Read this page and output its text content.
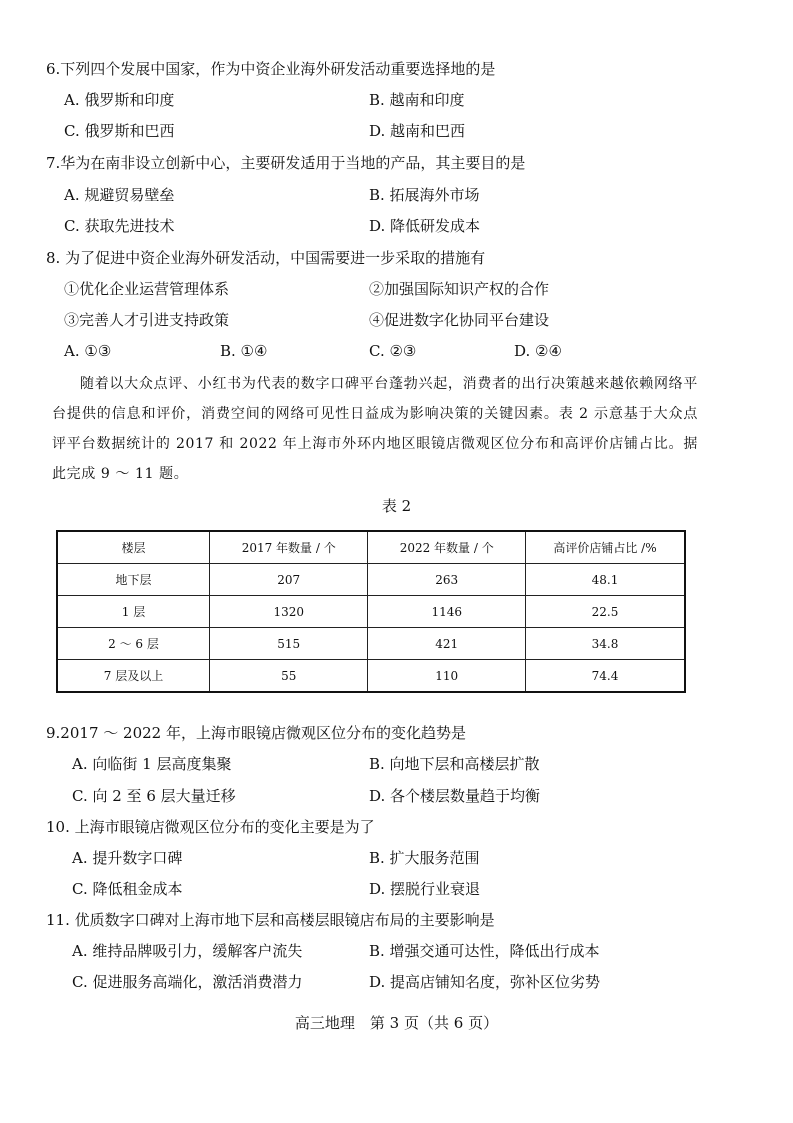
6.下列四个发展中国家，作为中资企业海外研发活动重要选择地的是
A. 俄罗斯和印度	B. 越南和印度
C. 俄罗斯和巴西	D. 越南和巴西
7.华为在南非设立创新中心，主要研发适用于当地的产品，其主要目的是
A. 规避贸易壁垒	B. 拓展海外市场
C. 获取先进技术	D. 降低研发成本
8. 为了促进中资企业海外研发活动，中国需要进一步采取的措施有
①优化企业运营管理体系	②加强国际知识产权的合作
③完善人才引进支持政策	④促进数字化协同平台建设
A. ①③	B. ①④	C. ②③	D. ②④
随着以大众点评、小红书为代表的数字口碑平台蓬勃兴起，消费者的出行决策越来越依赖网络平台提供的信息和评价，消费空间的网络可见性日益成为影响决策的关键因素。表 2 示意基于大众点评平台数据统计的 2017 和 2022 年上海市外环内地区眼镜店微观区位分布和高评价店铺占比。据此完成 9 ～ 11 题。
表 2
楼层	2017 年数量 / 个	2022 年数量 / 个	高评价店铺占比 /%
地下层	207	263	48.1
1 层	1320	1146	22.5
2 ～ 6 层	515	421	34.8
7 层及以上	55	110	74.4
9.2017 ～ 2022 年，上海市眼镜店微观区位分布的变化趋势是
A. 向临街 1 层高度集聚	B. 向地下层和高楼层扩散
C. 向 2 至 6 层大量迁移	D. 各个楼层数量趋于均衡
10. 上海市眼镜店微观区位分布的变化主要是为了
A. 提升数字口碑	B. 扩大服务范围
C. 降低租金成本	D. 摆脱行业衰退
11. 优质数字口碑对上海市地下层和高楼层眼镜店布局的主要影响是
A. 维持品牌吸引力，缓解客户流失	B. 增强交通可达性，降低出行成本
C. 促进服务高端化，激活消费潜力	D. 提高店铺知名度，弥补区位劣势
高三地理　第 3 页（共 6 页）
